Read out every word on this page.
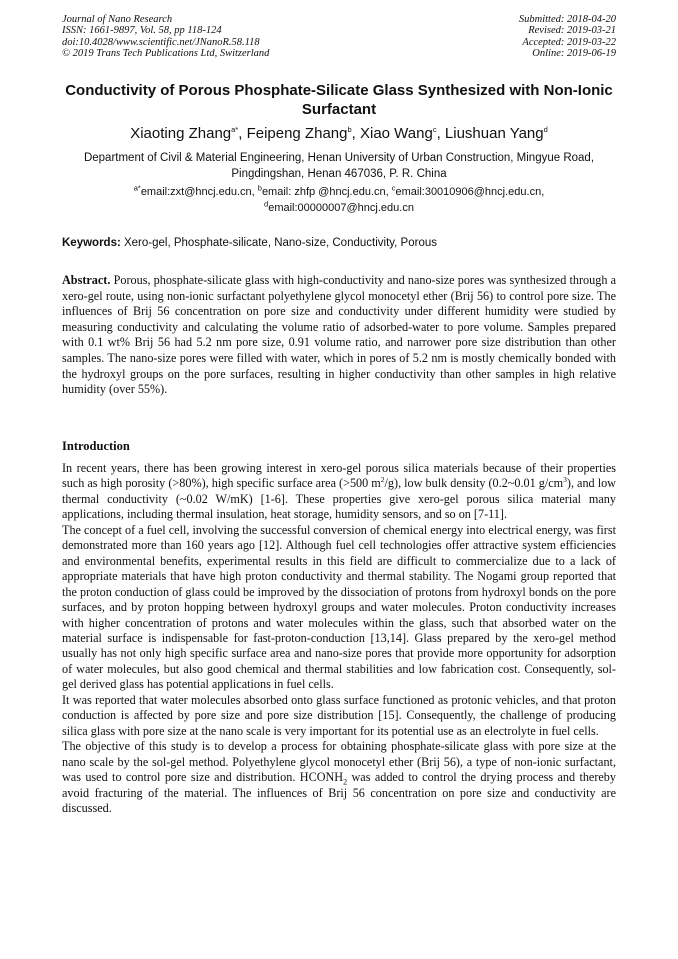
Journal of Nano Research
ISSN: 1661-9897, Vol. 58, pp 118-124
doi:10.4028/www.scientific.net/JNanoR.58.118
© 2019 Trans Tech Publications Ltd, Switzerland
Submitted: 2018-04-20
Revised: 2019-03-21
Accepted: 2019-03-22
Online: 2019-06-19
Conductivity of Porous Phosphate-Silicate Glass Synthesized with Non-Ionic Surfactant
Xiaoting Zhang$^{a*}$, Feipeng Zhang$^b$, Xiao Wang$^c$, Liushuan Yang$^d$
Department of Civil & Material Engineering, Henan University of Urban Construction, Mingyue Road,
Pingdingshan, Henan 467036, P. R. China
$^{a*}$email:zxt@hncj.edu.cn, $^b$email: zhfp @hncj.edu.cn, $^c$email:30010906@hncj.edu.cn,
$^d$email:00000007@hncj.edu.cn
Keywords: Xero-gel, Phosphate-silicate, Nano-size, Conductivity, Porous
Abstract. Porous, phosphate-silicate glass with high-conductivity and nano-size pores was synthesized through a xero-gel route, using non-ionic surfactant polyethylene glycol monocetyl ether (Brij 56) to control pore size. The influences of Brij 56 concentration on pore size and conductivity under different humidity were studied by measuring conductivity and calculating the volume ratio of adsorbed-water to pore volume. Samples prepared with 0.1 wt% Brij 56 had 5.2 nm pore size, 0.91 volume ratio, and narrower pore size distribution than other samples. The nano-size pores were filled with water, which in pores of 5.2 nm is mostly chemically bonded with the hydroxyl groups on the pore surfaces, resulting in higher conductivity than other samples in high relative humidity (over 55%).
Introduction

In recent years, there has been growing interest in xero-gel porous silica materials because of their properties such as high porosity (>80%), high specific surface area (>500 $m^2/g$), low bulk density (0.2~0.01 $g/cm^3$), and low thermal conductivity (~0.02 W/mK) [1-6]. These properties give xero-gel porous silica material many applications, including thermal insulation, heat storage, humidity sensors, and so on [7-11].

The concept of a fuel cell, involving the successful conversion of chemical energy into electrical energy, was first demonstrated more than 160 years ago [12]. Although fuel cell technologies offer attractive system efficiencies and environmental benefits, experimental results in this field are difficult to commercialize due to a lack of appropriate materials that have high proton conductivity and thermal stability. The Nogami group reported that the proton conduction of glass could be improved by the dissociation of protons from hydroxyl bonds on the pore surfaces, and by proton hopping between hydroxyl groups and water molecules. Proton conductivity increases with higher concentration of protons and water molecules within the glass, such that absorbed water on the material surface is indispensable for fast-proton-conduction [13,14]. Glass prepared by the xero-gel method usually has not only high specific surface area and nano-size pores that provide more opportunity for adsorption of water molecules, but also good chemical and thermal stabilities and low fabrication cost. Consequently, sol-gel derived glass has potential applications in fuel cells.

It was reported that water molecules absorbed onto glass surface functioned as protonic vehicles, and that proton conduction is affected by pore size and pore size distribution [15]. Consequently, the challenge of producing silica glass with pore size at the nano scale is very important for its potential use as an electrolyte in fuel cells.

The objective of this study is to develop a process for obtaining phosphate-silicate glass with pore size at the nano scale by the sol-gel method. Polyethylene glycol monocetyl ether (Brij 56), a type of non-ionic surfactant, was used to control pore size and distribution. $HCONH_2$ was added to control the drying process and thereby avoid fracturing of the material. The influences of Brij 56 concentration on pore size and conductivity are discussed.
